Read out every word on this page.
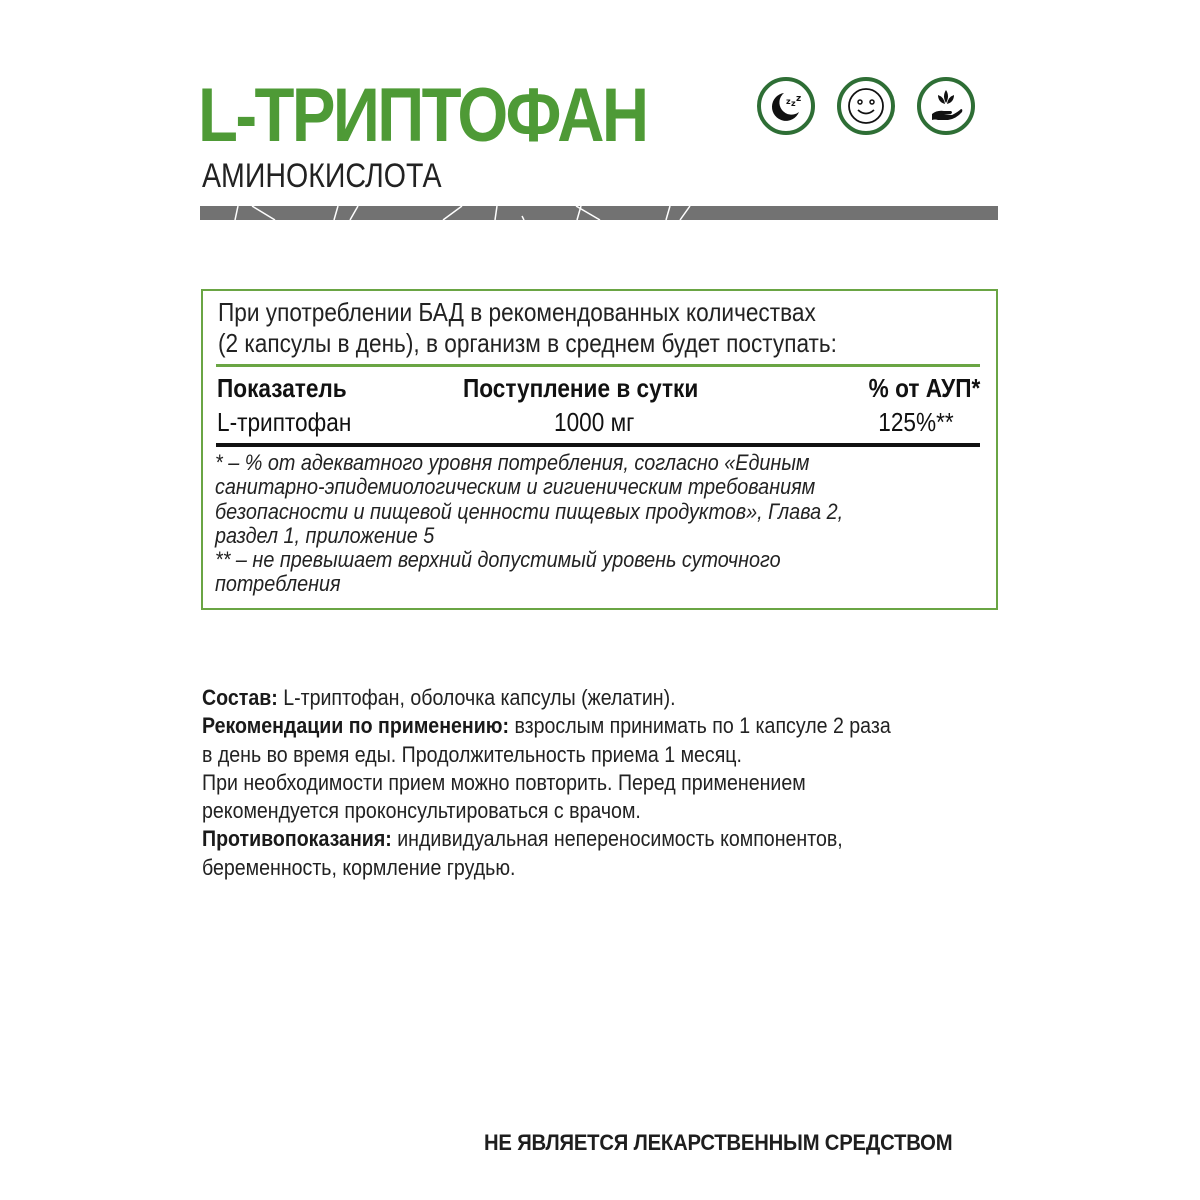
L-ТРИПТОФАН
АМИНОКИСЛОТА
z z z
При употреблении БАД в рекомендованных количествах
(2 капсулы в день), в организм в среднем будет поступать:
Показатель	Поступление в сутки	% от АУП*
L-триптофан	1000 мг	125%**
* – % от адекватного уровня потребления, согласно «Единым
санитарно-эпидемиологическим и гигиеническим требованиям
безопасности и пищевой ценности пищевых продуктов», Глава 2,
раздел 1, приложение 5
** – не превышает верхний допустимый уровень суточного
потребления
Состав: L-триптофан, оболочка капсулы (желатин).
Рекомендации по применению: взрослым принимать по 1 капсуле 2 раза
в день во время еды. Продолжительность приема 1 месяц.
При необходимости прием можно повторить. Перед применением
рекомендуется проконсультироваться с врачом.
Противопоказания: индивидуальная непереносимость компонентов,
беременность, кормление грудью.
НЕ ЯВЛЯЕТСЯ ЛЕКАРСТВЕННЫМ СРЕДСТВОМ
